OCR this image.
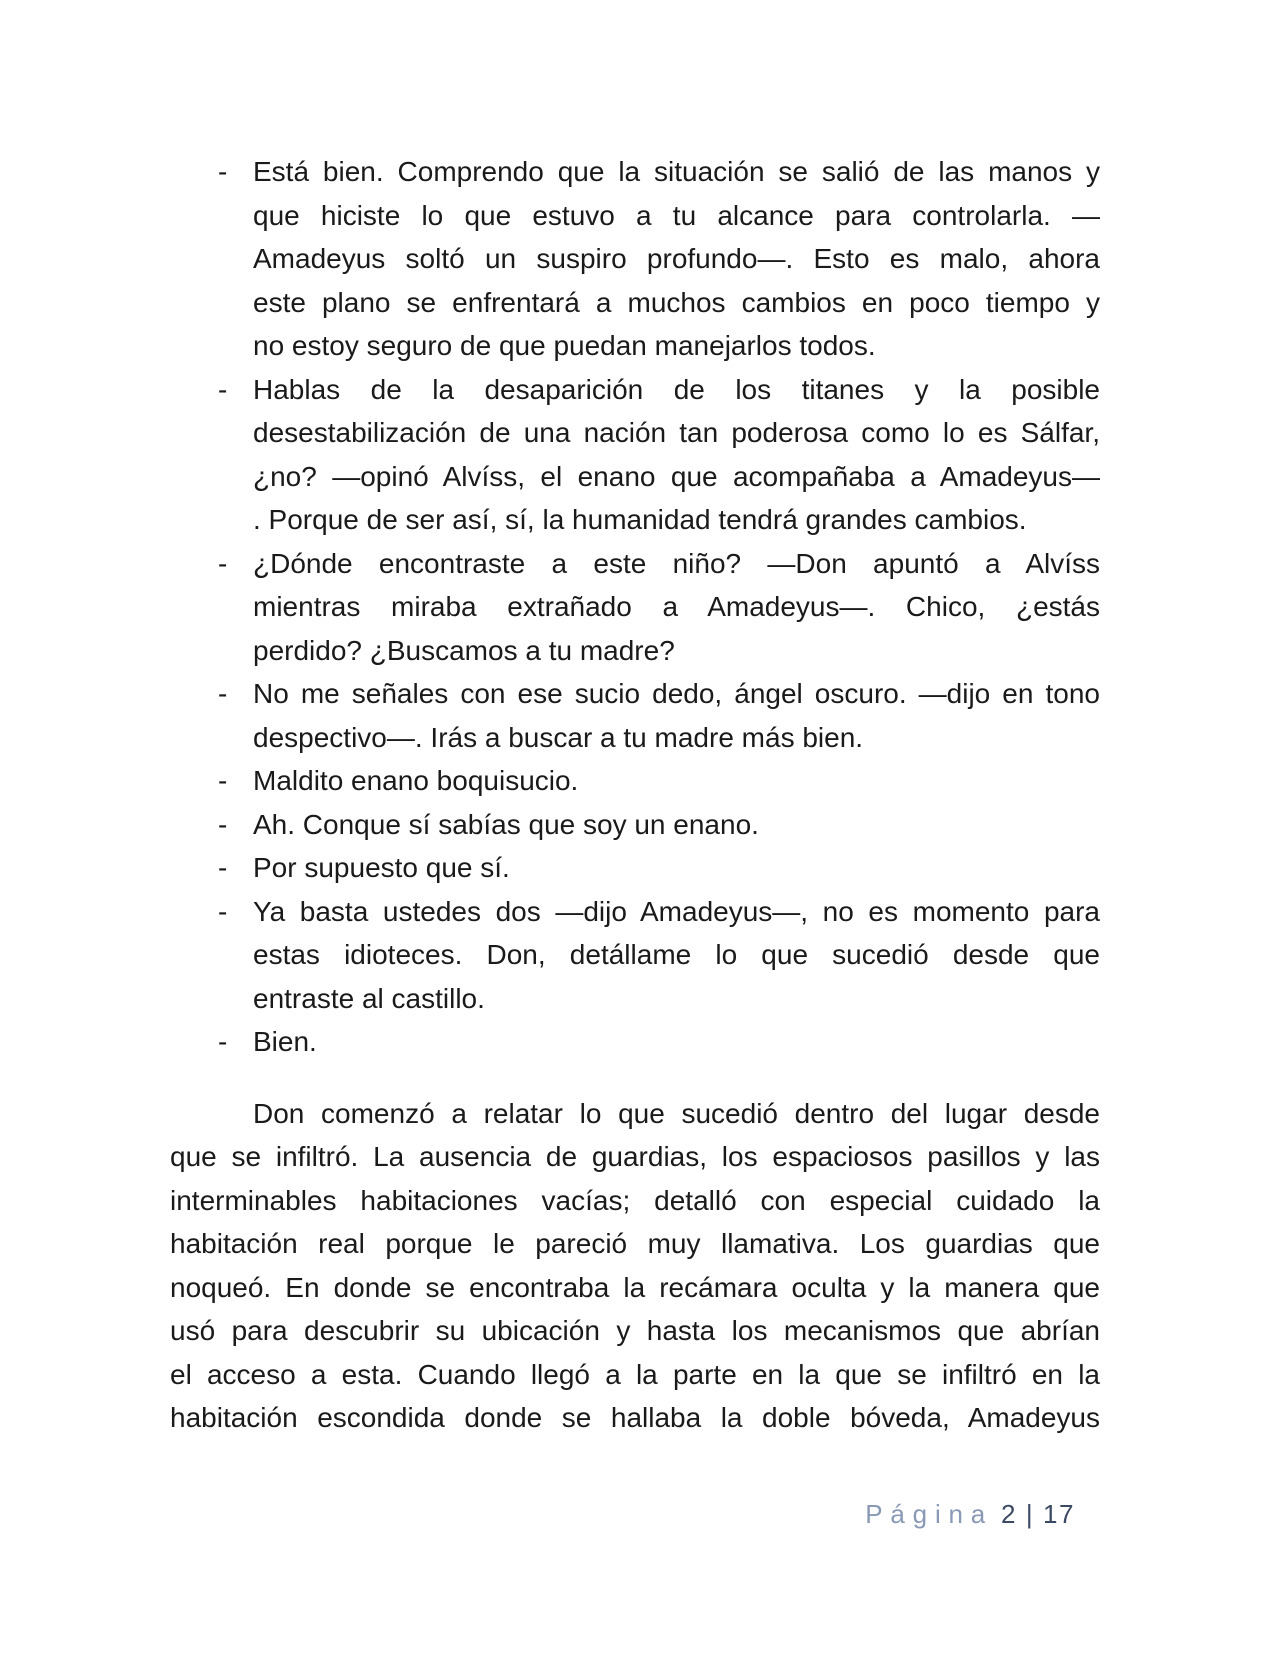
- Está bien. Comprendo que la situación se salió de las manos y
que hiciste lo que estuvo a tu alcance para controlarla. —
Amadeyus soltó un suspiro profundo—. Esto es malo, ahora
este plano se enfrentará a muchos cambios en poco tiempo y
no estoy seguro de que puedan manejarlos todos.
- Hablas de la desaparición de los titanes y la posible
desestabilización de una nación tan poderosa como lo es Sálfar,
¿no? —opinó Alvíss, el enano que acompañaba a Amadeyus—
. Porque de ser así, sí, la humanidad tendrá grandes cambios.
- ¿Dónde encontraste a este niño? —Don apuntó a Alvíss
mientras miraba extrañado a Amadeyus—. Chico, ¿estás
perdido? ¿Buscamos a tu madre?
- No me señales con ese sucio dedo, ángel oscuro. —dijo en tono
despectivo—. Irás a buscar a tu madre más bien.
- Maldito enano boquisucio.
- Ah. Conque sí sabías que soy un enano.
- Por supuesto que sí.
- Ya basta ustedes dos —dijo Amadeyus—, no es momento para
estas idioteces. Don, detállame lo que sucedió desde que
entraste al castillo.
- Bien.
Don comenzó a relatar lo que sucedió dentro del lugar desde
que se infiltró. La ausencia de guardias, los espaciosos pasillos y las
interminables habitaciones vacías; detalló con especial cuidado la
habitación real porque le pareció muy llamativa. Los guardias que
noqueó. En donde se encontraba la recámara oculta y la manera que
usó para descubrir su ubicación y hasta los mecanismos que abrían
el acceso a esta. Cuando llegó a la parte en la que se infiltró en la
habitación escondida donde se hallaba la doble bóveda, Amadeyus
Página 2 | 17
